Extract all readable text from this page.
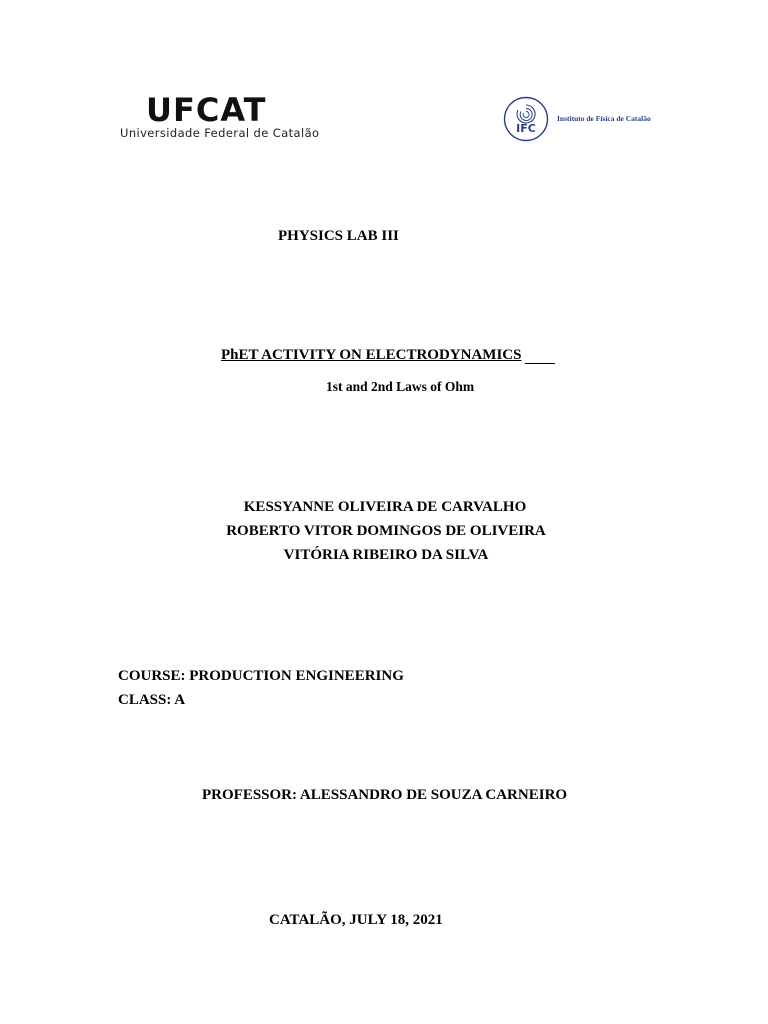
UFCAT
Universidade Federal de Catalão	IFC
Instituto de Física de Catalão
PHYSICS LAB III
PhET ACTIVITY ON ELECTRODYNAMICS
1st and 2nd Laws of Ohm
KESSYANNE OLIVEIRA DE CARVALHO
ROBERTO VITOR DOMINGOS DE OLIVEIRA
VITÓRIA RIBEIRO DA SILVA
COURSE: PRODUCTION ENGINEERING
CLASS: A
PROFESSOR: ALESSANDRO DE SOUZA CARNEIRO
CATALÃO, JULY 18, 2021
